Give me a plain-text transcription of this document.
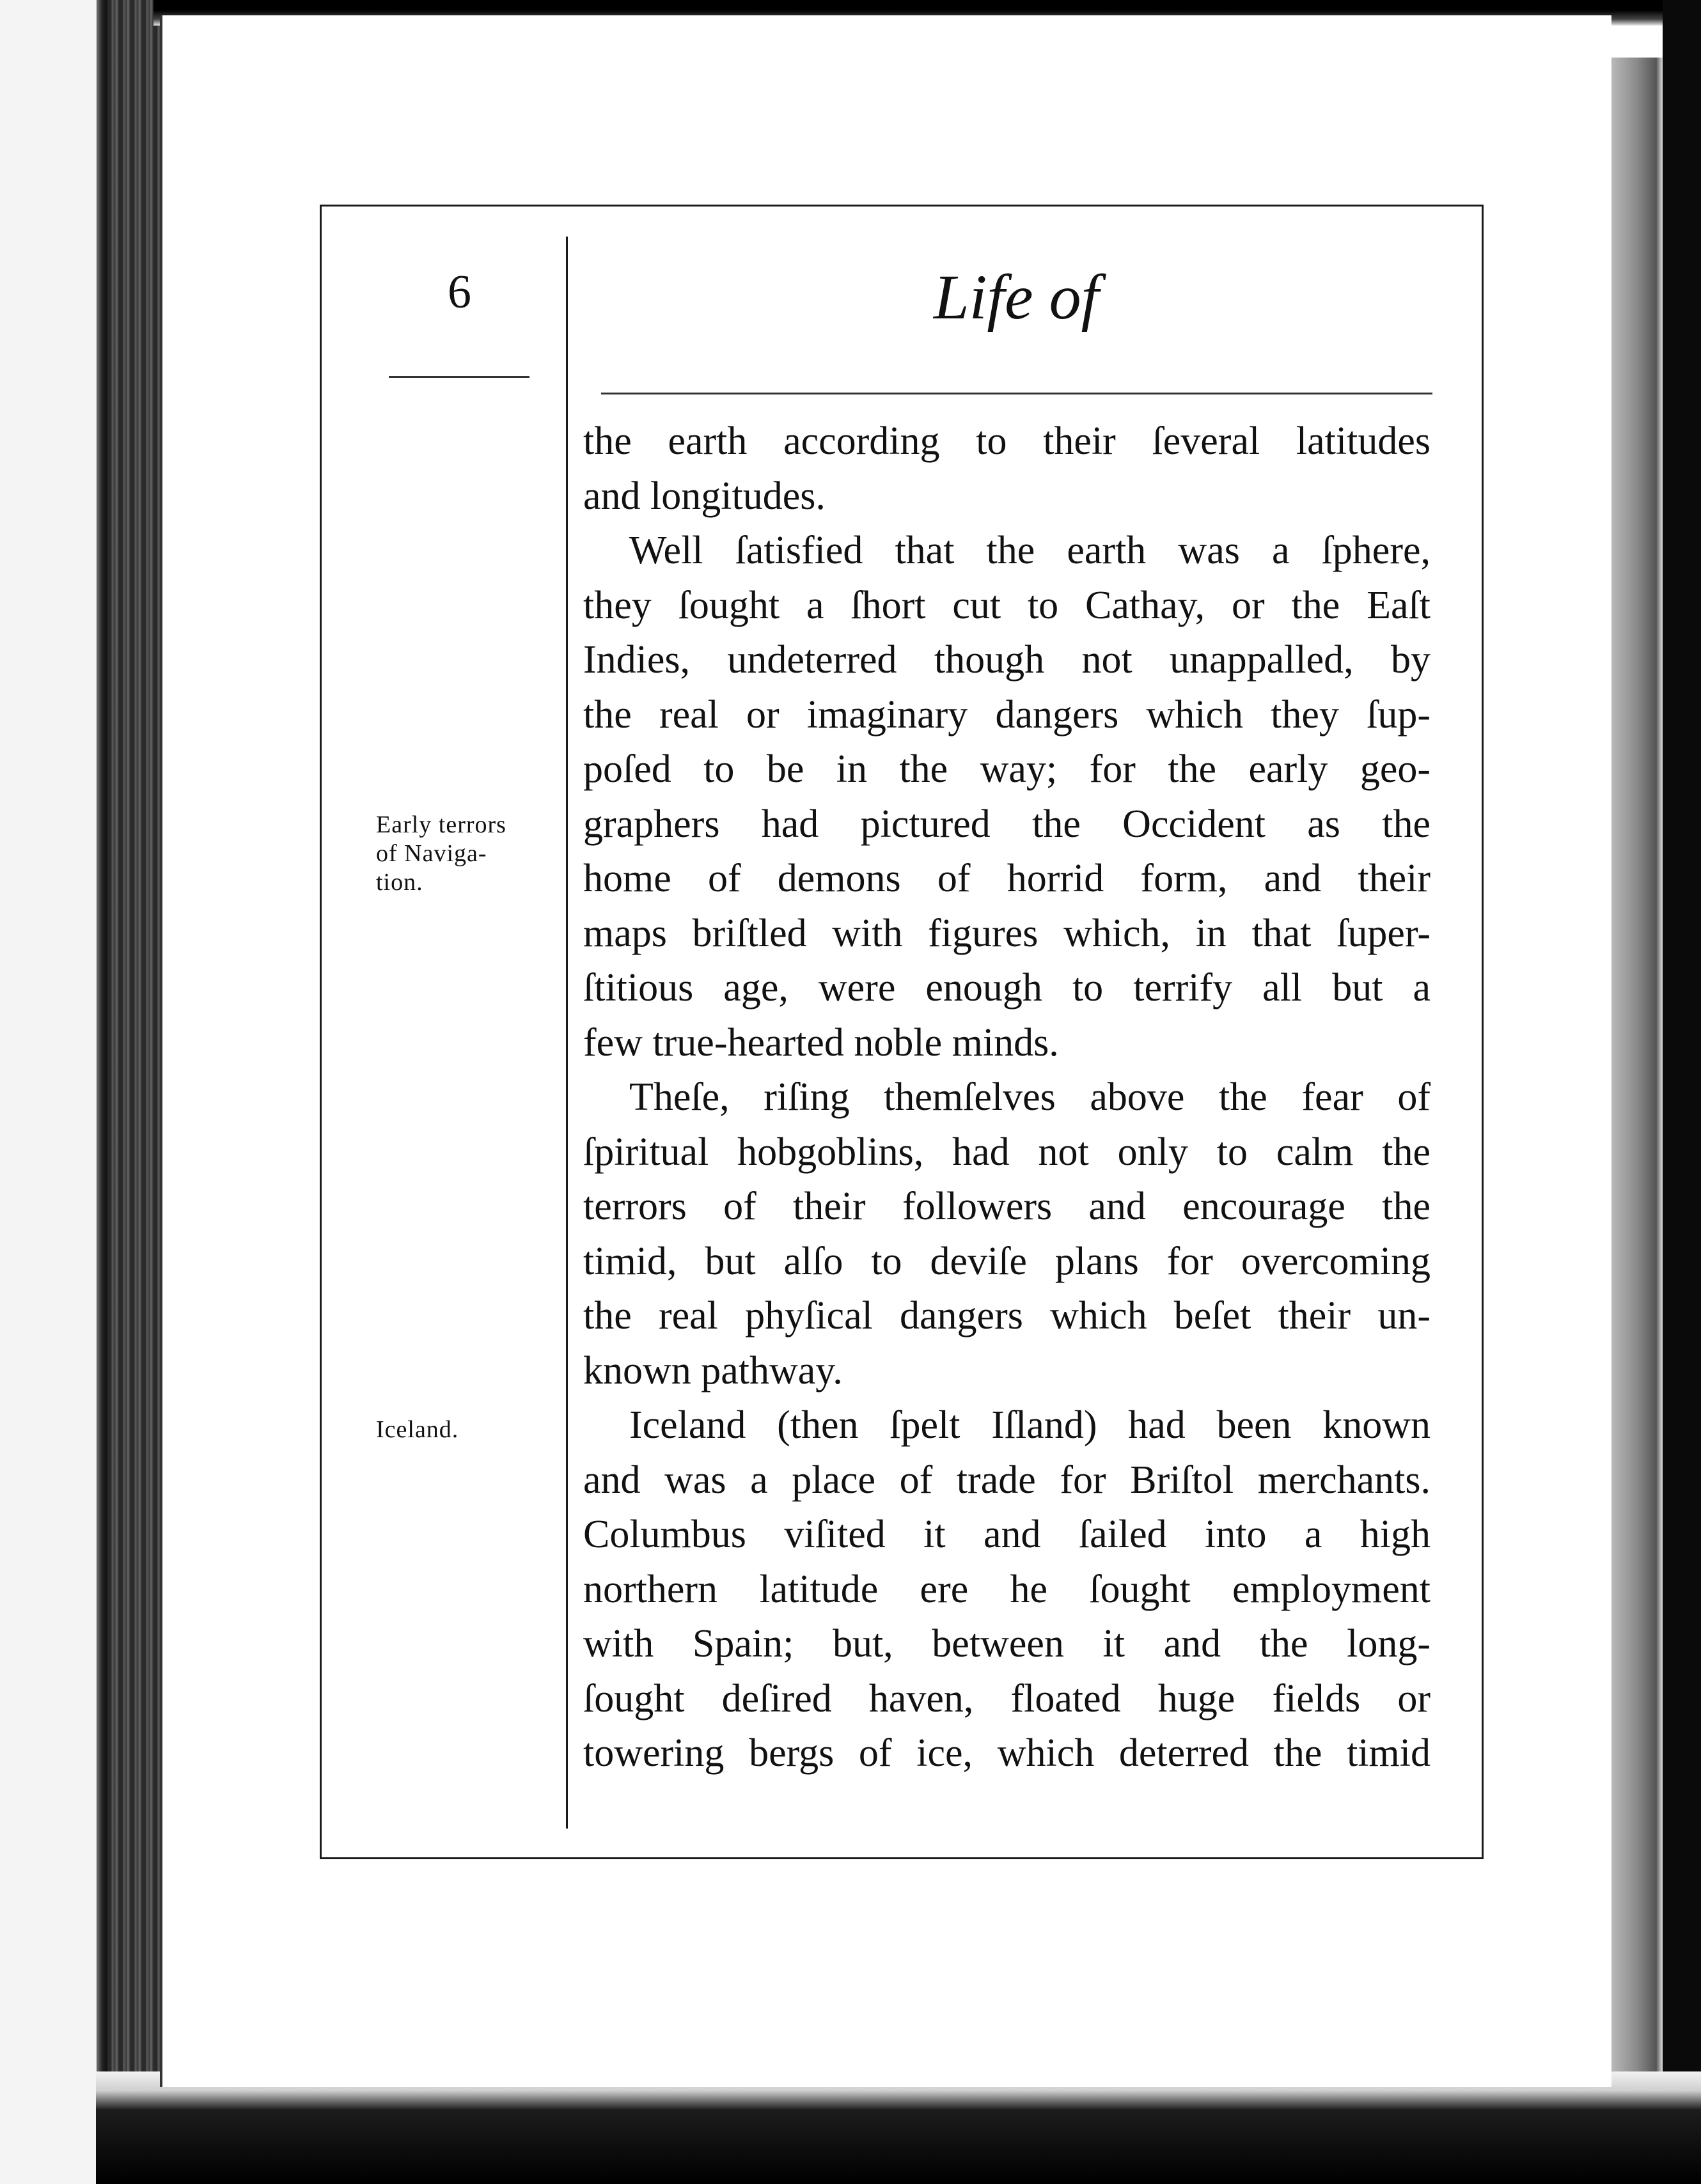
6	Life of
Early terrors
of Naviga-
tion.
Iceland.
the earth according to their ſeveral latitudes
and longitudes.
Well ſatisfied that the earth was a ſphere,
they ſought a ſhort cut to Cathay, or the Eaſt
Indies, undeterred though not unappalled, by
the real or imaginary dangers which they ſup-
poſed to be in the way; for the early geo-
graphers had pictured the Occident as the
home of demons of horrid form, and their
maps briſtled with figures which, in that ſuper-
ſtitious age, were enough to terrify all but a
few true-hearted noble minds.
Theſe, riſing themſelves above the fear of
ſpiritual hobgoblins, had not only to calm the
terrors of their followers and encourage the
timid, but alſo to deviſe plans for overcoming
the real phyſical dangers which beſet their un-
known pathway.
Iceland (then ſpelt Iſland) had been known
and was a place of trade for Briſtol merchants.
Columbus viſited it and ſailed into a high
northern latitude ere he ſought employment
with Spain; but, between it and the long-
ſought deſired haven, floated huge fields or
towering bergs of ice, which deterred the timid
